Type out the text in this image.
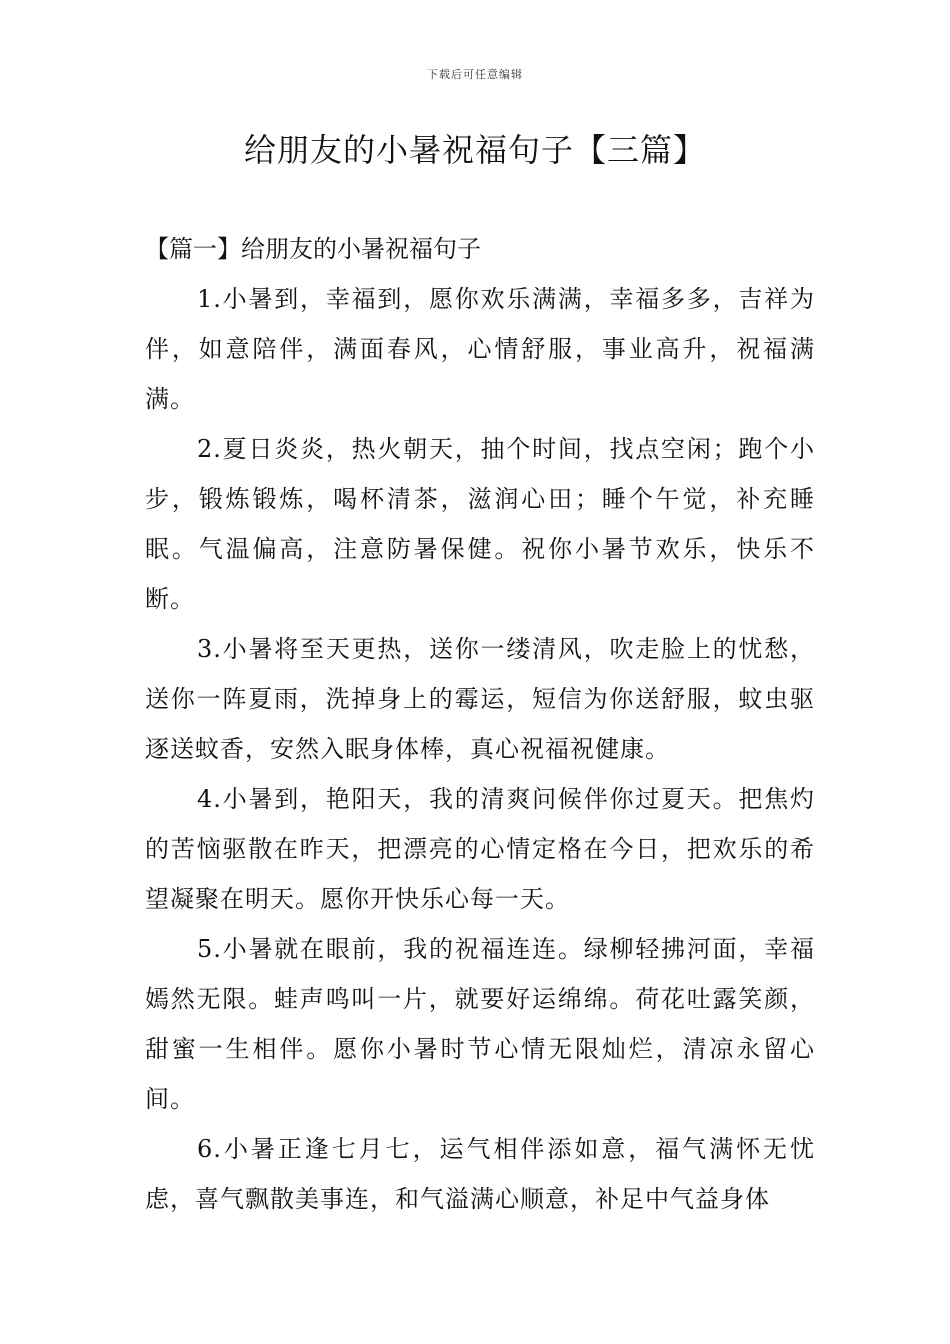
下载后可任意编辑
给朋友的小暑祝福句子【三篇】

【篇一】给朋友的小暑祝福句子

1.小暑到，幸福到，愿你欢乐满满，幸福多多，吉祥为伴，如意陪伴，满面春风，心情舒服，事业高升，祝福满满。

2.夏日炎炎，热火朝天，抽个时间，找点空闲；跑个小步，锻炼锻炼，喝杯清茶，滋润心田；睡个午觉，补充睡眠。气温偏高，注意防暑保健。祝你小暑节欢乐，快乐不断。

3.小暑将至天更热，送你一缕清风，吹走脸上的忧愁，送你一阵夏雨，洗掉身上的霉运，短信为你送舒服，蚊虫驱逐送蚊香，安然入眠身体棒，真心祝福祝健康。

4.小暑到，艳阳天，我的清爽问候伴你过夏天。把焦灼的苦恼驱散在昨天，把漂亮的心情定格在今日，把欢乐的希望凝聚在明天。愿你开快乐心每一天。

5.小暑就在眼前，我的祝福连连。绿柳轻拂河面，幸福嫣然无限。蛙声鸣叫一片，就要好运绵绵。荷花吐露笑颜，甜蜜一生相伴。愿你小暑时节心情无限灿烂，清凉永留心间。

6.小暑正逢七月七，运气相伴添如意，福气满怀无忧虑，喜气飘散美事连，和气溢满心顺意，补足中气益身体
